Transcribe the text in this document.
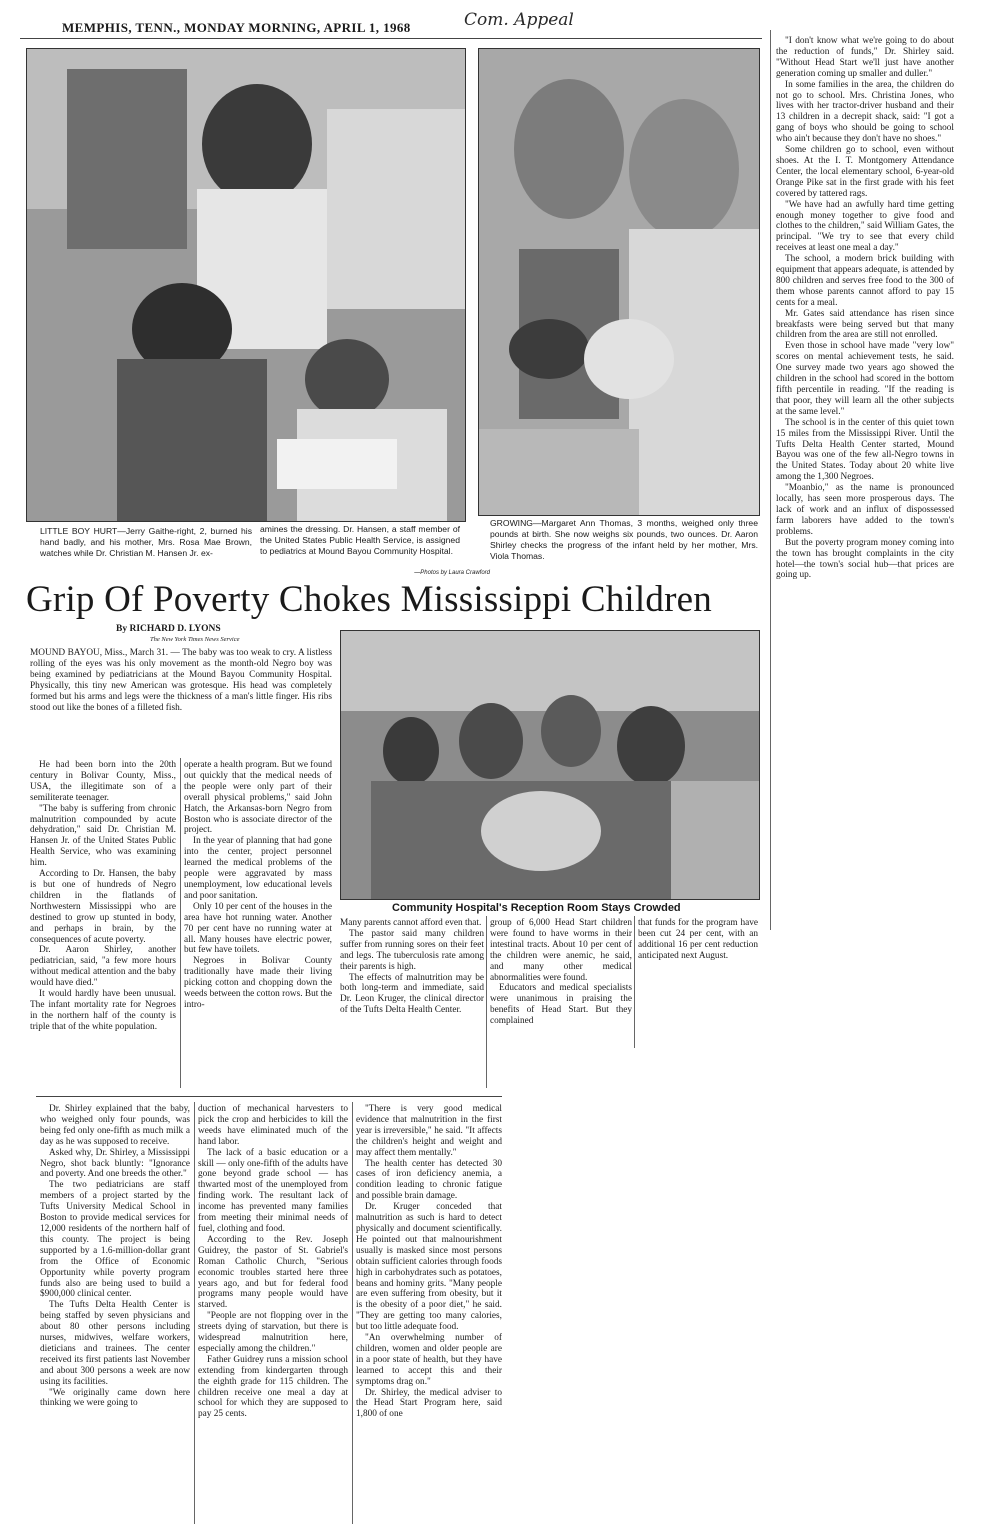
MEMPHIS, TENN., MONDAY MORNING, APRIL 1, 1968	Com. Appeal
LITTLE BOY HURT—Jerry Gaithe-right, 2, burned his hand badly, and his mother, Mrs. Rosa Mae Brown, watches while Dr. Christian M. Hansen Jr. ex-
amines the dressing. Dr. Hansen, a staff member of the United States Public Health Service, is assigned to pediatrics at Mound Bayou Community Hospital.
—Photos by Laura Crawford
GROWING—Margaret Ann Thomas, 3 months, weighed only three pounds at birth. She now weighs six pounds, two ounces. Dr. Aaron Shirley checks the progress of the infant held by her mother, Mrs. Viola Thomas.
Grip Of Poverty Chokes Mississippi Children
By RICHARD D. LYONS
The New York Times News Service

MOUND BAYOU, Miss., March 31. — The baby was too weak to cry. A listless rolling of the eyes was his only movement as the month-old Negro boy was being examined by pediatricians at the Mound Bayou Community Hospital. Physically, this tiny new American was grotesque. His head was completely formed but his arms and legs were the thickness of a man's little finger. His ribs stood out like the bones of a filleted fish.

He had been born into the 20th century in Bolivar County, Miss., USA, the illegitimate son of a semiliterate teenager.

"The baby is suffering from chronic malnutrition compounded by acute dehydration," said Dr. Christian M. Hansen Jr. of the United States Public Health Service, who was examining him.

According to Dr. Hansen, the baby is but one of hundreds of Negro children in the flatlands of Northwestern Mississippi who are destined to grow up stunted in body, and perhaps in brain, by the consequences of acute poverty.

Dr. Aaron Shirley, another pediatrician, said, "a few more hours without medical attention and the baby would have died."

It would hardly have been unusual. The infant mortality rate for Negroes in the northern half of the county is triple that of the white population.

operate a health program. But we found out quickly that the medical needs of the people were only part of their overall physical problems," said John Hatch, the Arkansas-born Negro from Boston who is associate director of the project.

In the year of planning that had gone into the center, project personnel learned the medical problems of the people were aggravated by mass unemployment, low educational levels and poor sanitation.

Only 10 per cent of the houses in the area have hot running water. Another 70 per cent have no running water at all. Many houses have electric power, but few have toilets.

Negroes in Bolivar County traditionally have made their living picking cotton and chopping down the weeds between the cotton rows. But the intro-

Community Hospital's Reception Room Stays Crowded

Many parents cannot afford even that.

The pastor said many children suffer from running sores on their feet and legs. The tuberculosis rate among their parents is high.

The effects of malnutrition may be both long-term and immediate, said Dr. Leon Kruger, the clinical director of the Tufts Delta Health Center.

group of 6,000 Head Start children were found to have worms in their intestinal tracts. About 10 per cent of the children were anemic, he said, and many other medical abnormalities were found.

Educators and medical specialists were unanimous in praising the benefits of Head Start. But they complained

that funds for the program have been cut 24 per cent, with an additional 16 per cent reduction anticipated next August.

"I don't know what we're going to do about the reduction of funds," Dr. Shirley said. "Without Head Start we'll just have another generation coming up smaller and duller."

In some families in the area, the children do not go to school. Mrs. Christina Jones, who lives with her tractor-driver husband and their 13 children in a decrepit shack, said: "I got a gang of boys who should be going to school who ain't because they don't have no shoes."

Some children go to school, even without shoes. At the I. T. Montgomery Attendance Center, the local elementary school, 6-year-old Orange Pike sat in the first grade with his feet covered by tattered rags.

"We have had an awfully hard time getting enough money together to give food and clothes to the children," said William Gates, the principal. "We try to see that every child receives at least one meal a day."

The school, a modern brick building with equipment that appears adequate, is attended by 800 children and serves free food to the 300 of them whose parents cannot afford to pay 15 cents for a meal.

Mr. Gates said attendance has risen since breakfasts were being served but that many children from the area are still not enrolled.

Even those in school have made "very low" scores on mental achievement tests, he said. One survey made two years ago showed the children in the school had scored in the bottom fifth percentile in reading. "If the reading is that poor, they will learn all the other subjects at the same level."

The school is in the center of this quiet town 15 miles from the Mississippi River. Until the Tufts Delta Health Center started, Mound Bayou was one of the few all-Negro towns in the United States. Today about 20 white live among the 1,300 Negroes.

"Moanbio," as the name is pronounced locally, has seen more prosperous days. The lack of work and an influx of dispossessed farm laborers have added to the town's problems.

But the poverty program money coming into the town has brought complaints in the city hotel—the town's social hub—that prices are going up.

Dr. Shirley explained that the baby, who weighed only four pounds, was being fed only one-fifth as much milk a day as he was supposed to receive.

Asked why, Dr. Shirley, a Mississippi Negro, shot back bluntly: "Ignorance and poverty. And one breeds the other."

The two pediatricians are staff members of a project started by the Tufts University Medical School in Boston to provide medical services for 12,000 residents of the northern half of this county. The project is being supported by a 1.6-million-dollar grant from the Office of Economic Opportunity while poverty program funds also are being used to build a $900,000 clinical center.

The Tufts Delta Health Center is being staffed by seven physicians and about 80 other persons including nurses, midwives, welfare workers, dieticians and trainees. The center received its first patients last November and about 300 persons a week are now using its facilities.

"We originally came down here thinking we were going to

duction of mechanical harvesters to pick the crop and herbicides to kill the weeds have eliminated much of the hand labor.

The lack of a basic education or a skill — only one-fifth of the adults have gone beyond grade school — has thwarted most of the unemployed from finding work. The resultant lack of income has prevented many families from meeting their minimal needs of fuel, clothing and food.

According to the Rev. Joseph Guidrey, the pastor of St. Gabriel's Roman Catholic Church, "Serious economic troubles started here three years ago, and but for federal food programs many people would have starved.

"People are not flopping over in the streets dying of starvation, but there is widespread malnutrition here, especially among the children."

Father Guidrey runs a mission school extending from kindergarten through the eighth grade for 115 children. The children receive one meal a day at school for which they are supposed to pay 25 cents.

"There is very good medical evidence that malnutrition in the first year is irreversible," he said. "It affects the children's height and weight and may affect them mentally."

The health center has detected 30 cases of iron deficiency anemia, a condition leading to chronic fatigue and possible brain damage.

Dr. Kruger conceded that malnutrition as such is hard to detect physically and document scientifically. He pointed out that malnourishment usually is masked since most persons obtain sufficient calories through foods high in carbohydrates such as potatoes, beans and hominy grits. "Many people are even suffering from obesity, but it is the obesity of a poor diet," he said. "They are getting too many calories, but too little adequate food.

"An overwhelming number of children, women and older people are in a poor state of health, but they have learned to accept this and their symptoms drag on."

Dr. Shirley, the medical adviser to the Head Start Program here, said 1,800 of one
